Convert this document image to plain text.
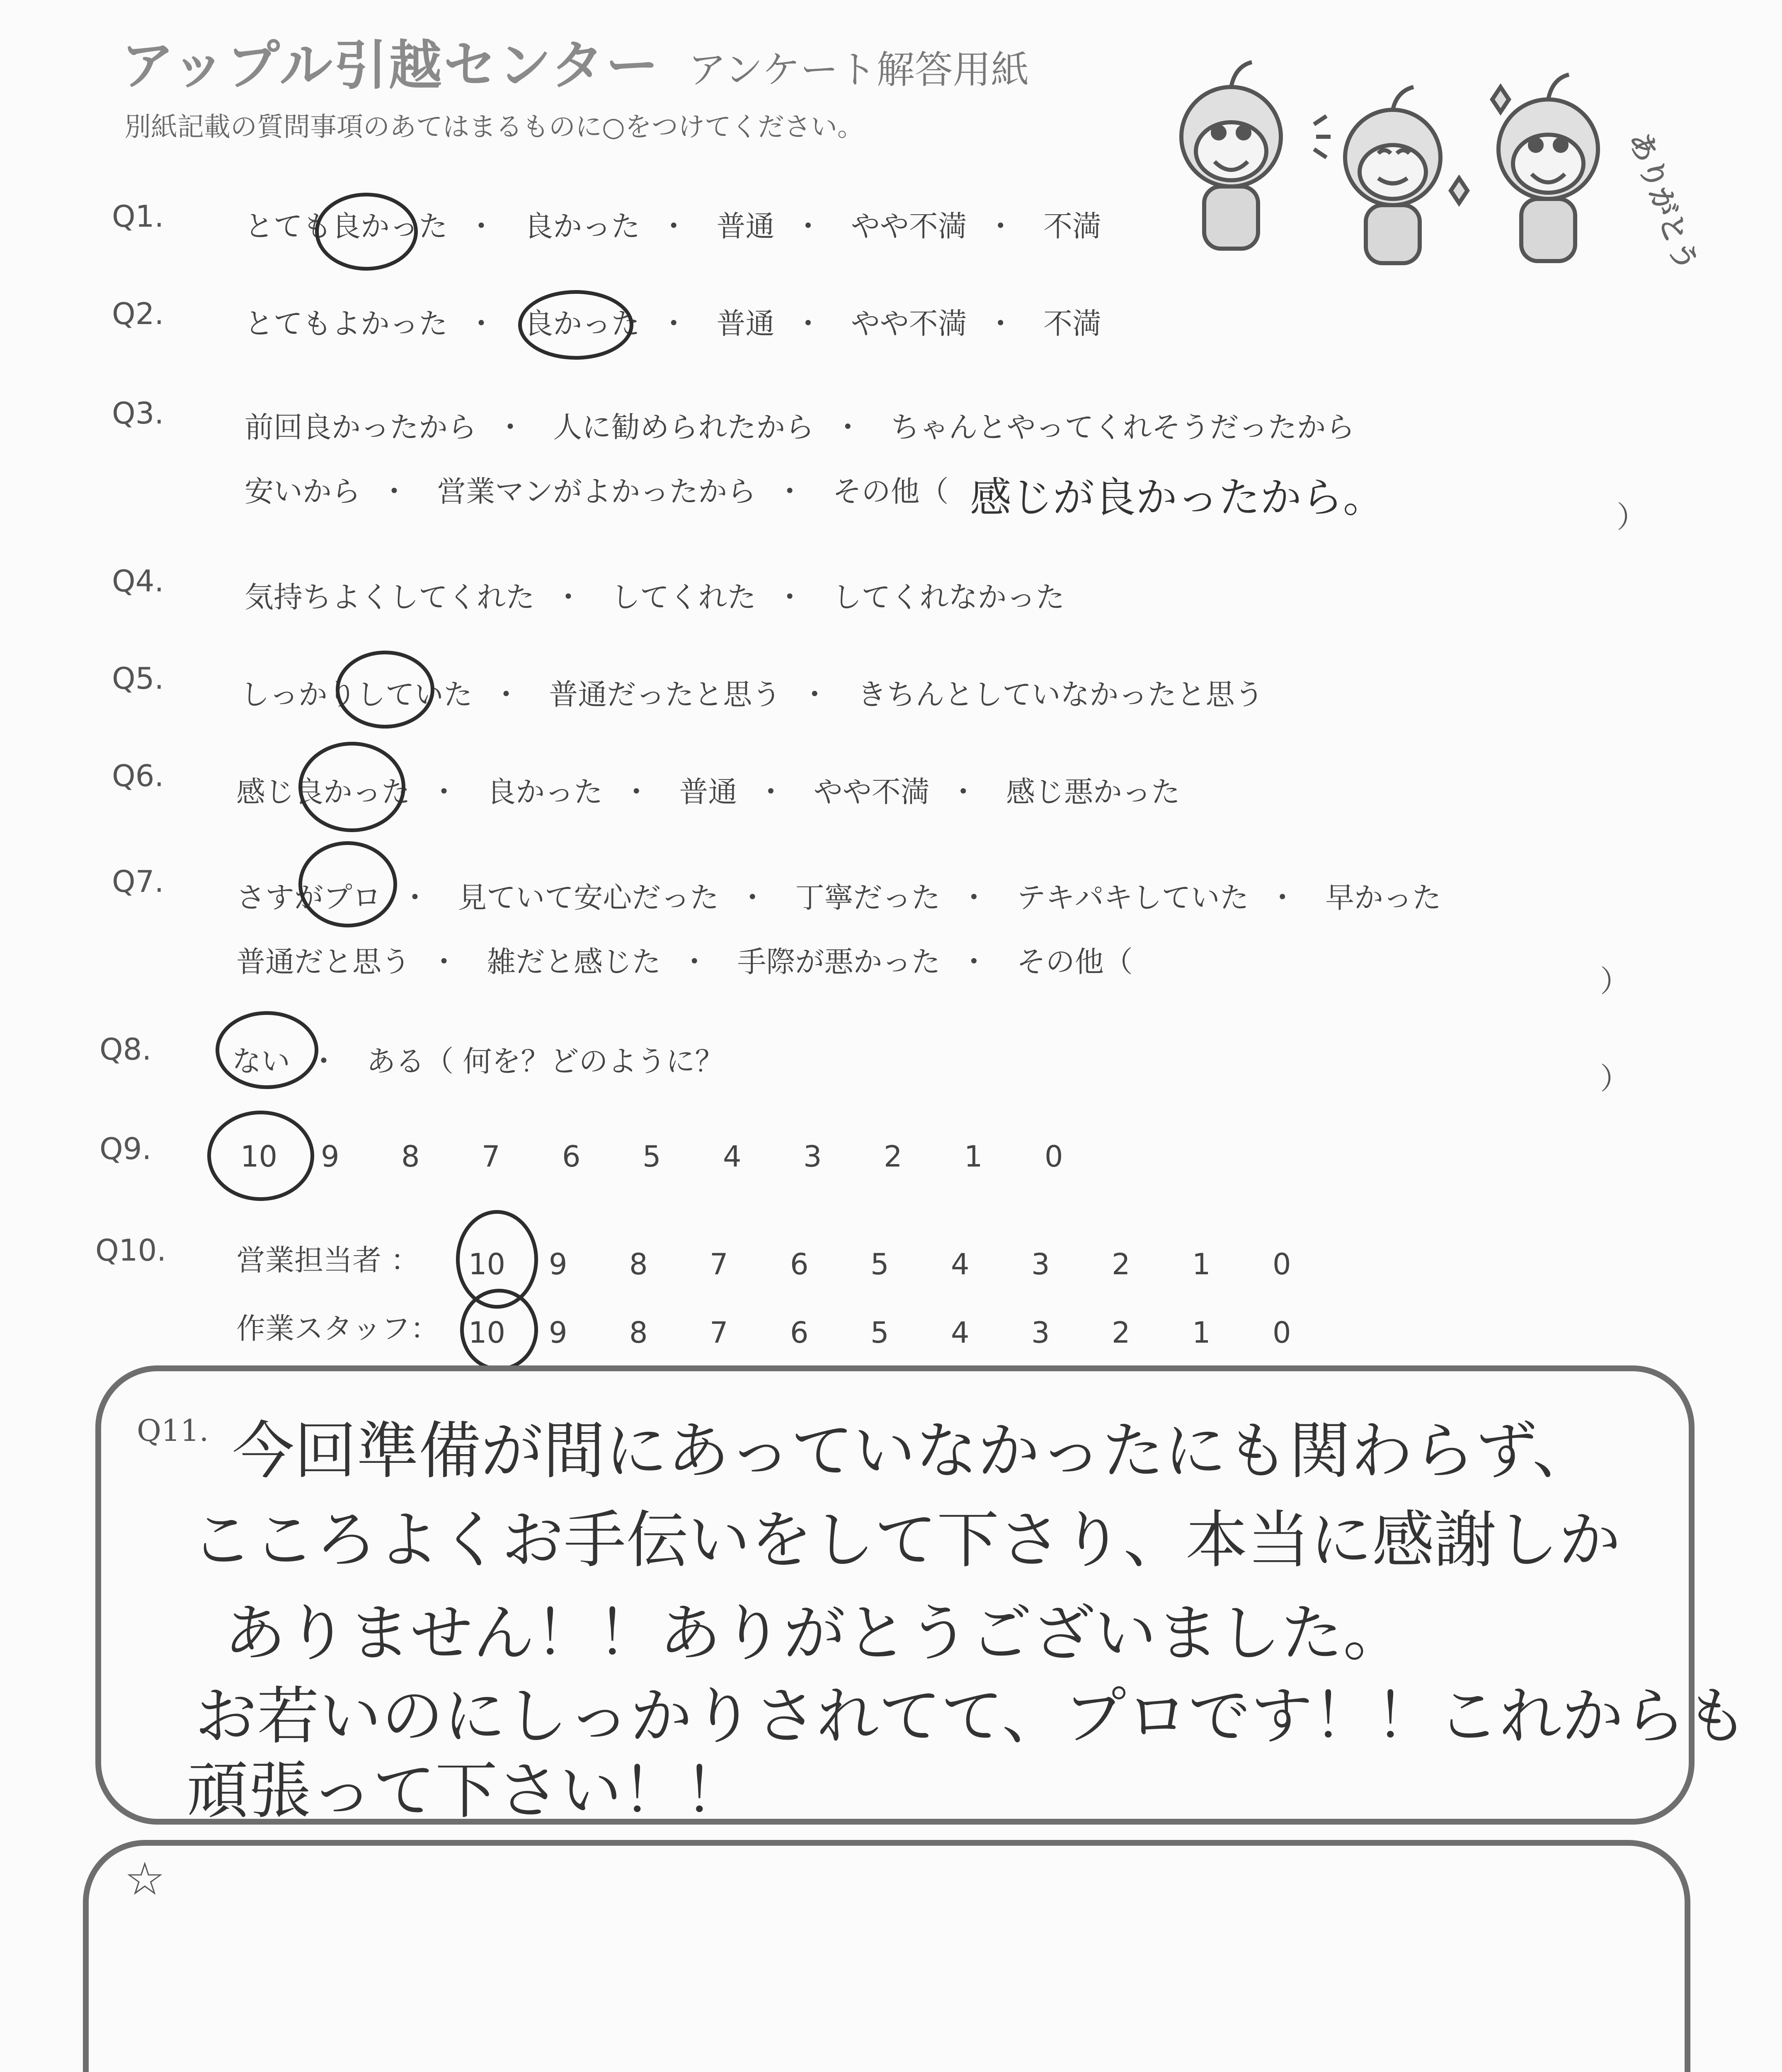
アップル引越センター アンケート解答用紙
別紙記載の質問事項のあてはまるものに○をつけてください。
ありがとう
Q1.	とても良かった ・ 良かった ・ 普通 ・ やや不満 ・ 不満
Q2.	とてもよかった ・ 良かった ・ 普通 ・ やや不満 ・ 不満
Q3.	前回良かったから ・ 人に勧められたから ・ ちゃんとやってくれそうだったから
安いから ・ 営業マンがよかったから ・ その他（ 感じが良かったから。	）
Q4.	気持ちよくしてくれた ・ してくれた ・ してくれなかった
Q5.	しっかりしていた ・ 普通だったと思う ・ きちんとしていなかったと思う
Q6. 感じ良かった ・ 良かった ・ 普通 ・ やや不満 ・ 感じ悪かった
Q7. さすがプロ ・ 見ていて安心だった ・ 丁寧だった ・ テキパキしていた ・ 早かった
普通だと思う ・ 雑だと感じた ・ 手際が悪かった ・ その他（
）
Q8.	ない ・ ある（ 何を？どのように？	）
Q9.	10 9 8 7 6 5 4 3 2 1 0
Q10. 営業担当者 ： 10 9 8 7 6 5 4 3 2 1 0
作業スタッフ： 10 9 8 7 6 5 4 3 2 1 0
Q11. 今回準備が間にあっていなかったにも関わらず、
こころよくお手伝いをして下さり、本当に感謝しか
ありません！！ありがとうございました。
お若いのにしっかりされてて、プロです！！これからも
頑張って下さい！！
☆
